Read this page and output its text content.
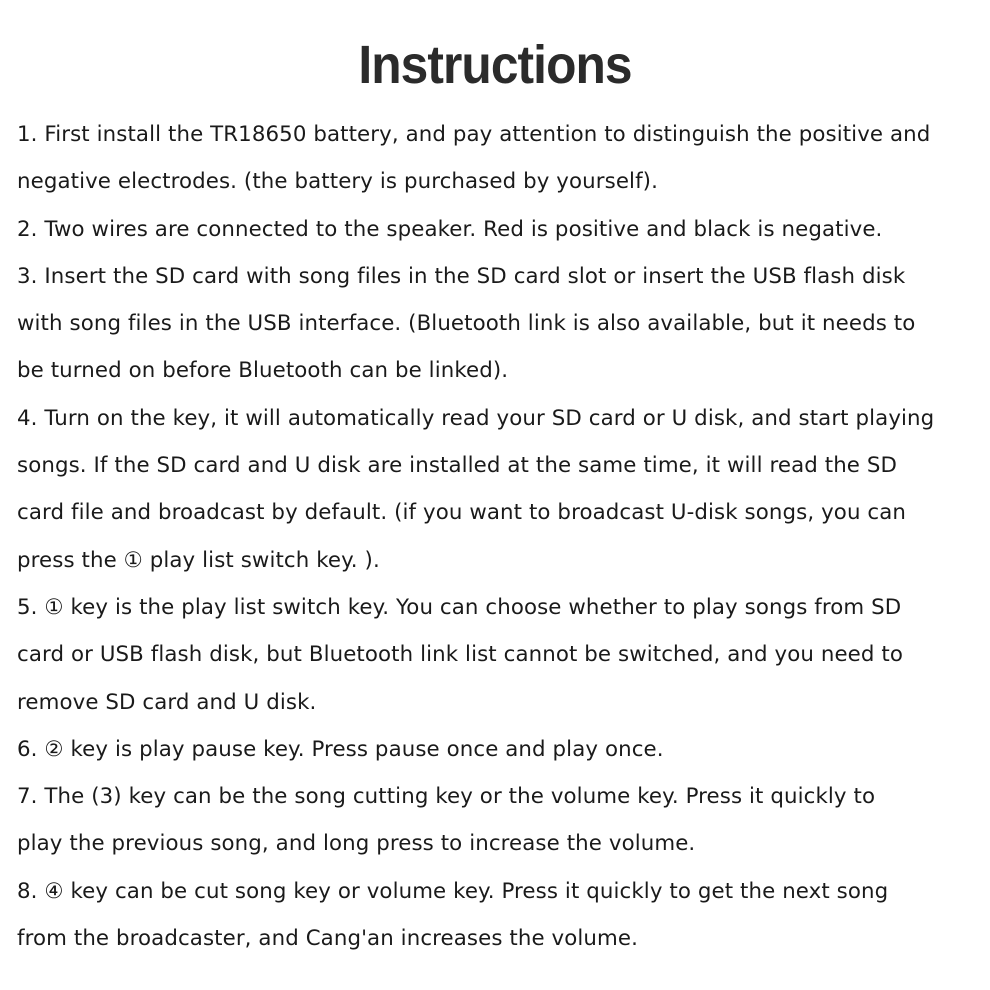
Instructions
1. First install the TR18650 battery, and pay attention to distinguish the positive and
negative electrodes. (the battery is purchased by yourself).
2. Two wires are connected to the speaker. Red is positive and black is negative.
3. Insert the SD card with song files in the SD card slot or insert the USB flash disk
with song files in the USB interface. (Bluetooth link is also available, but it needs to
be turned on before Bluetooth can be linked).
4. Turn on the key, it will automatically read your SD card or U disk, and start playing
songs. If the SD card and U disk are installed at the same time, it will read the SD
card file and broadcast by default. (if you want to broadcast U-disk songs, you can
press the ① play list switch key. ).
5. ① key is the play list switch key. You can choose whether to play songs from SD
card or USB flash disk, but Bluetooth link list cannot be switched, and you need to
remove SD card and U disk.
6. ② key is play pause key. Press pause once and play once.
7. The (3) key can be the song cutting key or the volume key. Press it quickly to
play the previous song, and long press to increase the volume.
8. ④ key can be cut song key or volume key. Press it quickly to get the next song
from the broadcaster, and Cang'an increases the volume.
